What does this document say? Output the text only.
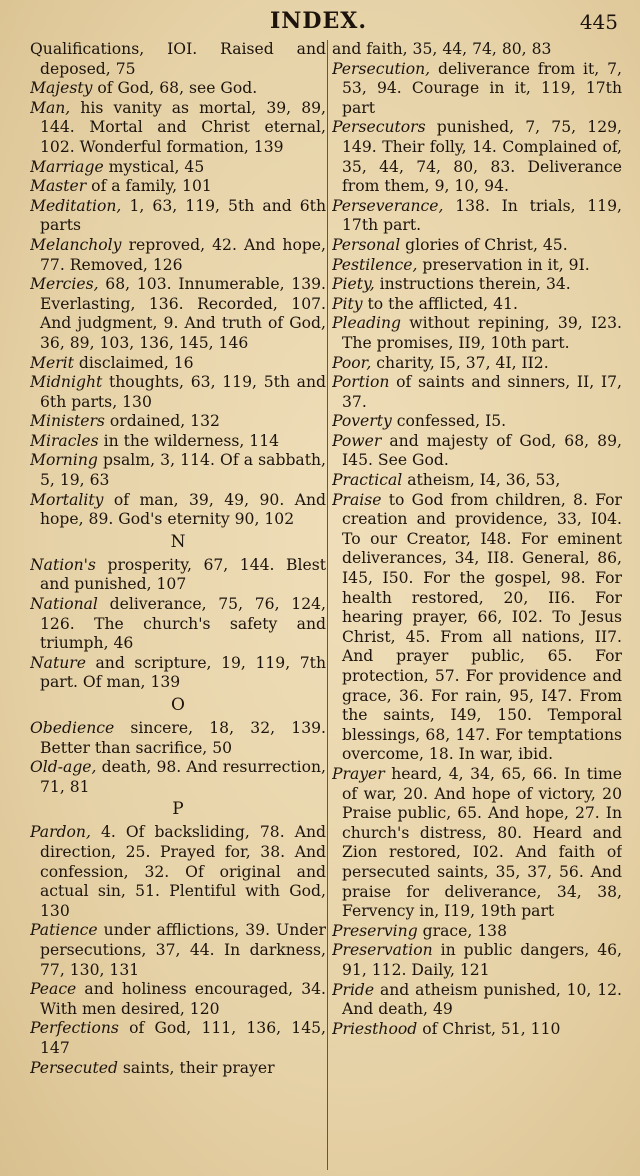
INDEX.	445

Qualifications, IOI. Raised and deposed, 75

Majesty of God, 68, see God.

Man, his vanity as mortal, 39, 89, 144. Mortal and Christ eternal, 102. Wonderful formation, 139

Marriage mystical, 45

Master of a family, 101

Meditation, 1, 63, 119, 5th and 6th parts

Melancholy reproved, 42. And hope, 77. Removed, 126

Mercies, 68, 103. Innumerable, 139. Everlasting, 136. Recorded, 107. And judgment, 9. And truth of God, 36, 89, 103, 136, 145, 146

Merit disclaimed, 16

Midnight thoughts, 63, 119, 5th and 6th parts, 130

Ministers ordained, 132

Miracles in the wilderness, 114

Morning psalm, 3, 114. Of a sabbath, 5, 19, 63

Mortality of man, 39, 49, 90. And hope, 89. God's eternity 90, 102

N

Nation's prosperity, 67, 144. Blest and punished, 107

National deliverance, 75, 76, 124, 126. The church's safety and triumph, 46

Nature and scripture, 19, 119, 7th part. Of man, 139

O

Obedience sincere, 18, 32, 139. Better than sacrifice, 50

Old-age, death, 98. And resurrection, 71, 81

P

Pardon, 4. Of backsliding, 78. And direction, 25. Prayed for, 38. And confession, 32. Of original and actual sin, 51. Plentiful with God, 130

Patience under afflictions, 39. Under persecutions, 37, 44. In darkness, 77, 130, 131

Peace and holiness encouraged, 34. With men desired, 120

Perfections of God, 111, 136, 145, 147

Persecuted saints, their prayer

and faith, 35, 44, 74, 80, 83

Persecution, deliverance from it, 7, 53, 94. Courage in it, 119, 17th part

Persecutors punished, 7, 75, 129, 149. Their folly, 14. Complained of, 35, 44, 74, 80, 83. Deliverance from them, 9, 10, 94.

Perseverance, 138. In trials, 119, 17th part.

Personal glories of Christ, 45.

Pestilence, preservation in it, 9I.

Piety, instructions therein, 34.

Pity to the afflicted, 41.

Pleading without repining, 39, I23. The promises, II9, 10th part.

Poor, charity, I5, 37, 4I, II2.

Portion of saints and sinners, II, I7, 37.

Poverty confessed, I5.

Power and majesty of God, 68, 89, I45. See God.

Practical atheism, I4, 36, 53,

Praise to God from children, 8. For creation and providence, 33, I04. To our Creator, I48. For eminent deliverances, 34, II8. General, 86, I45, I50. For the gospel, 98. For health restored, 20, II6. For hearing prayer, 66, I02. To Jesus Christ, 45. From all nations, II7. And prayer public, 65. For protection, 57. For providence and grace, 36. For rain, 95, I47. From the saints, I49, 150. Temporal blessings, 68, 147. For temptations overcome, 18. In war, ibid.

Prayer heard, 4, 34, 65, 66. In time of war, 20. And hope of victory, 20 Praise public, 65. And hope, 27. In church's distress, 80. Heard and Zion restored, I02. And faith of persecuted saints, 35, 37, 56. And praise for deliverance, 34, 38, Fervency in, I19, 19th part

Preserving grace, 138

Preservation in public dangers, 46, 91, 112. Daily, 121

Pride and atheism punished, 10, 12. And death, 49

Priesthood of Christ, 51, 110
